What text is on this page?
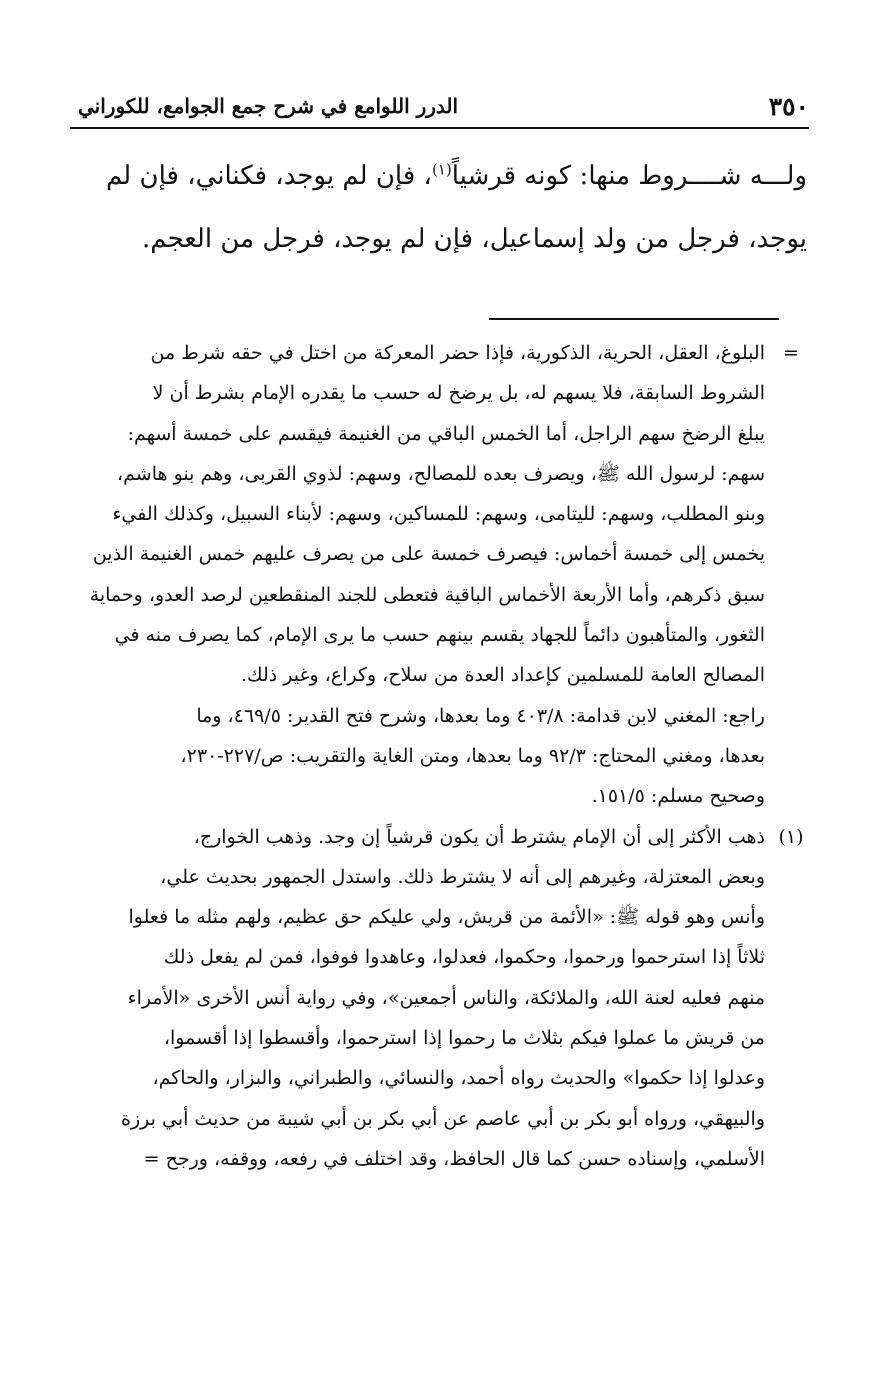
٣٥٠
الدرر اللوامع في شرح جمع الجوامع، للكوراني
ولـــه شــــروط منها: كونه قرشياً$^{(١)}$، فإن لم يوجد، فكناني، فإن لم
يوجد، فرجل من ولد إسماعيل، فإن لم يوجد، فرجل من العجم.
=
البلوغ، العقل، الحرية، الذكورية، فإذا حضر المعركة من اختل في حقه شرط من
الشروط السابقة، فلا يسهم له، بل يرضخ له حسب ما يقدره الإمام بشرط أن لا
يبلغ الرضخ سهم الراجل، أما الخمس الباقي من الغنيمة فيقسم على خمسة أسهم:
سهم: لرسول الله ﷺ، ويصرف بعده للمصالح، وسهم: لذوي القربى، وهم بنو هاشم،
وبنو المطلب، وسهم: لليتامى، وسهم: للمساكين، وسهم: لأبناء السبيل، وكذلك الفيء
يخمس إلى خمسة أخماس: فيصرف خمسة على من يصرف عليهم خمس الغنيمة الذين
سبق ذكرهم، وأما الأربعة الأخماس الباقية فتعطى للجند المنقطعين لرصد العدو، وحماية
الثغور، والمتأهبون دائماً للجهاد يقسم بينهم حسب ما يرى الإمام، كما يصرف منه في
المصالح العامة للمسلمين كإعداد العدة من سلاح، وكراع، وغير ذلك.
راجع: المغني لابن قدامة: ٤٠٣/٨ وما بعدها، وشرح فتح القدير: ٤٦٩/٥، وما
بعدها، ومغني المحتاج: ٩٢/٣ وما بعدها، ومتن الغاية والتقريب: ص/٢٢٧-٢٣٠،
وصحيح مسلم: ١٥١/٥.
(١)
ذهب الأكثر إلى أن الإمام يشترط أن يكون قرشياً إن وجد. وذهب الخوارج،
وبعض المعتزلة، وغيرهم إلى أنه لا يشترط ذلك. واستدل الجمهور بحديث علي،
وأنس وهو قوله ﷺ: «الأئمة من قريش، ولي عليكم حق عظيم، ولهم مثله ما فعلوا
ثلاثاً إذا استرحموا ورحموا، وحكموا، فعدلوا، وعاهدوا فوفوا، فمن لم يفعل ذلك
منهم فعليه لعنة الله، والملائكة، والناس أجمعين»، وفي رواية أنس الأخرى «الأمراء
من قريش ما عملوا فيكم بثلاث ما رحموا إذا استرحموا، وأقسطوا إذا أقسموا،
وعدلوا إذا حكموا» والحديث رواه أحمد، والنسائي، والطبراني، والبزار، والحاكم،
والبيهقي، ورواه أبو بكر بن أبي عاصم عن أبي بكر بن أبي شيبة من حديث أبي برزة
الأسلمي، وإسناده حسن كما قال الحافظ، وقد اختلف في رفعه، ووقفه، ورجح =
